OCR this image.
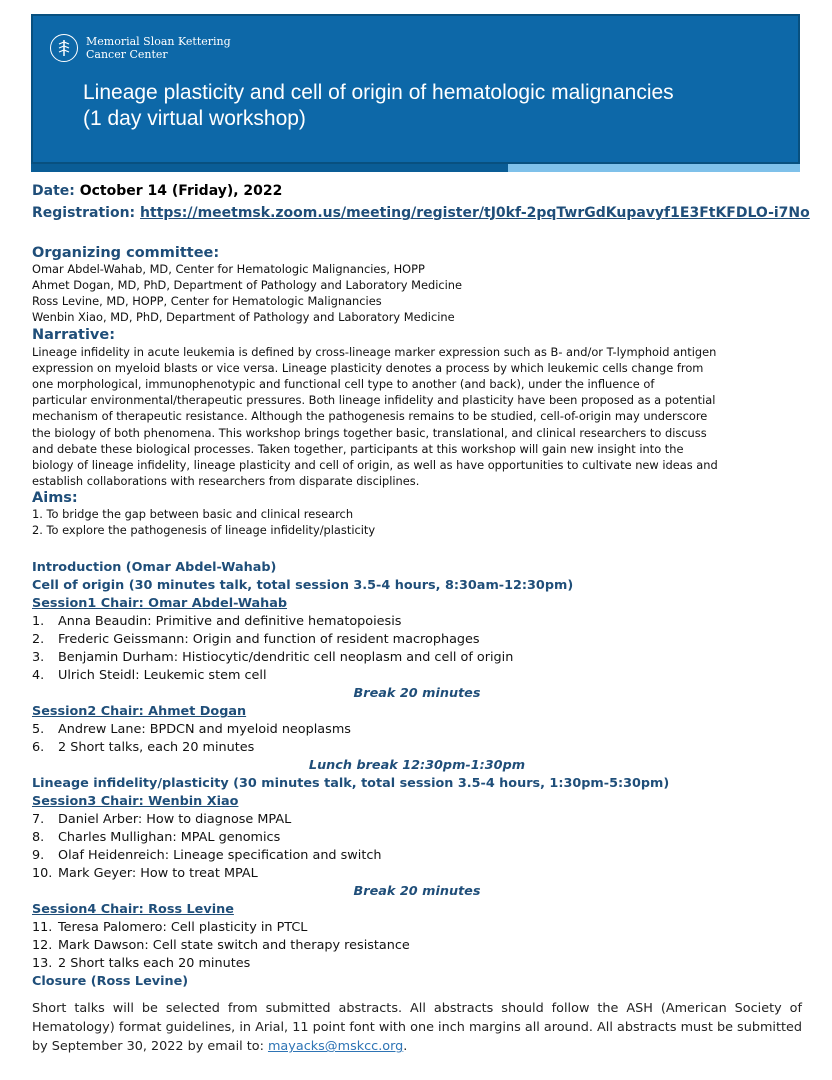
Memorial Sloan Kettering
Cancer Center
Lineage plasticity and cell of origin of hematologic malignancies
(1 day virtual workshop)
Date: October 14 (Friday), 2022
Registration: https://meetmsk.zoom.us/meeting/register/tJ0kf-2pqTwrGdKupavyf1E3FtKFDLO-i7No
Organizing committee:
Omar Abdel-Wahab, MD, Center for Hematologic Malignancies, HOPP
Ahmet Dogan, MD, PhD, Department of Pathology and Laboratory Medicine
Ross Levine, MD, HOPP, Center for Hematologic Malignancies
Wenbin Xiao, MD, PhD, Department of Pathology and Laboratory Medicine
Narrative:
Lineage infidelity in acute leukemia is defined by cross-lineage marker expression such as B- and/or T-lymphoid antigen
expression on myeloid blasts or vice versa. Lineage plasticity denotes a process by which leukemic cells change from
one morphological, immunophenotypic and functional cell type to another (and back), under the influence of
particular environmental/therapeutic pressures. Both lineage infidelity and plasticity have been proposed as a potential
mechanism of therapeutic resistance. Although the pathogenesis remains to be studied, cell-of-origin may underscore
the biology of both phenomena. This workshop brings together basic, translational, and clinical researchers to discuss
and debate these biological processes. Taken together, participants at this workshop will gain new insight into the
biology of lineage infidelity, lineage plasticity and cell of origin, as well as have opportunities to cultivate new ideas and
establish collaborations with researchers from disparate disciplines.
Aims:
1. To bridge the gap between basic and clinical research
2. To explore the pathogenesis of lineage infidelity/plasticity
Introduction (Omar Abdel-Wahab)
Cell of origin (30 minutes talk, total session 3.5-4 hours, 8:30am-12:30pm)
Session1 Chair: Omar Abdel-Wahab
1.	Anna Beaudin: Primitive and definitive hematopoiesis
2.	Frederic Geissmann: Origin and function of resident macrophages
3.	Benjamin Durham: Histiocytic/dendritic cell neoplasm and cell of origin
4.	Ulrich Steidl: Leukemic stem cell
Break 20 minutes
Session2 Chair: Ahmet Dogan
5.	Andrew Lane: BPDCN and myeloid neoplasms
6.	2 Short talks, each 20 minutes
Lunch break 12:30pm-1:30pm
Lineage infidelity/plasticity (30 minutes talk, total session 3.5-4 hours, 1:30pm-5:30pm)
Session3 Chair: Wenbin Xiao
7.	Daniel Arber: How to diagnose MPAL
8.	Charles Mullighan: MPAL genomics
9.	Olaf Heidenreich: Lineage specification and switch
10. Mark Geyer: How to treat MPAL
Break 20 minutes
Session4 Chair: Ross Levine
11. Teresa Palomero: Cell plasticity in PTCL
12. Mark Dawson: Cell state switch and therapy resistance
13. 2 Short talks each 20 minutes
Closure (Ross Levine)
Short talks will be selected from submitted abstracts. All abstracts should follow the ASH (American Society of Hematology) format guidelines, in Arial, 11 point font with one inch margins all around. All abstracts must be submitted by September 30, 2022 by email to: mayacks@mskcc.org.
